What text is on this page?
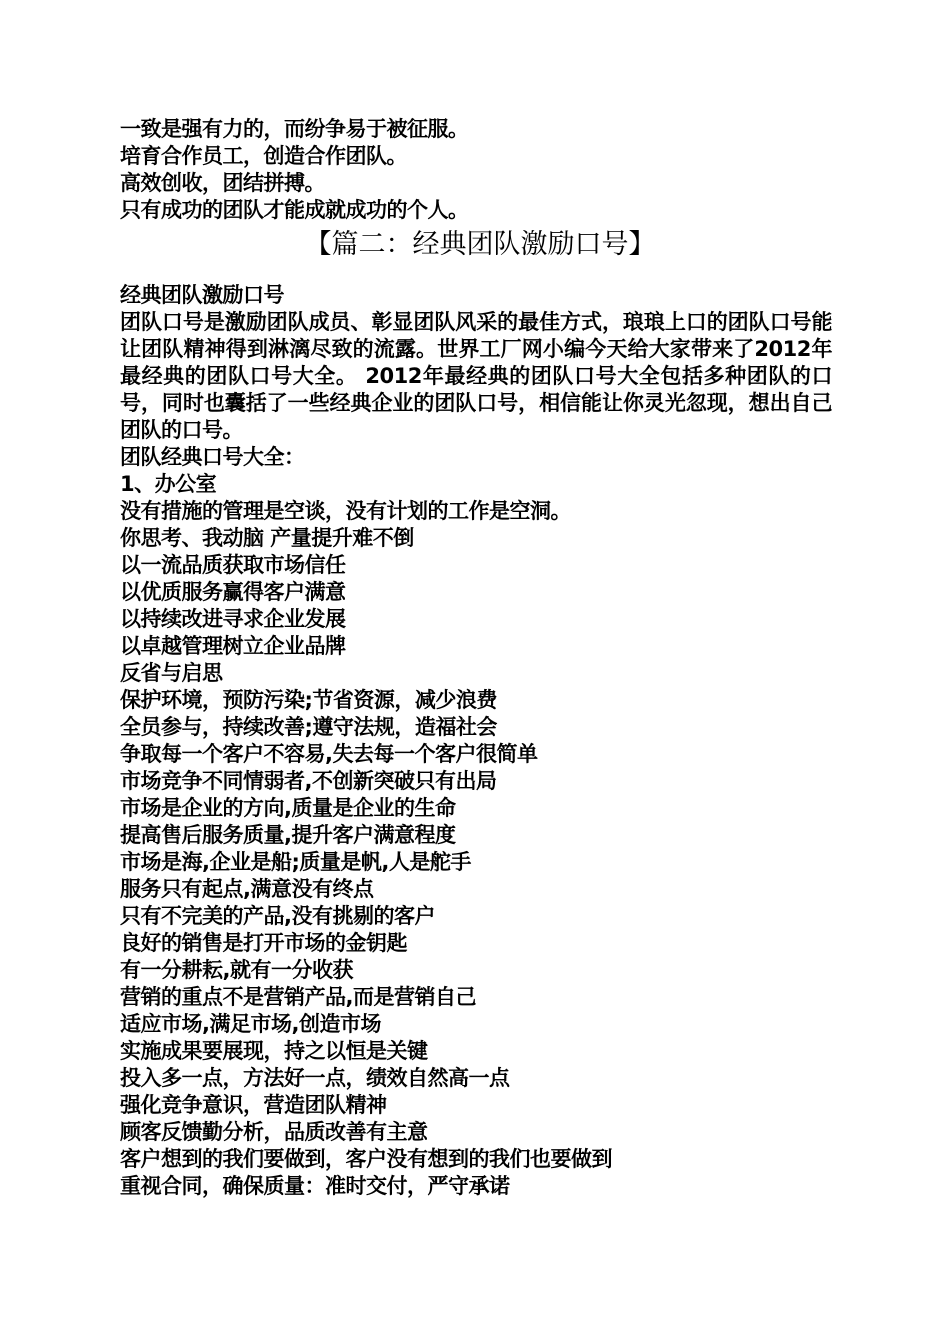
一致是强有力的，而纷争易于被征服。
培育合作员工，创造合作团队。
高效创收，团结拼搏。
只有成功的团队才能成就成功的个人。
【篇二：经典团队激励口号】
经典团队激励口号
团队口号是激励团队成员、彰显团队风采的最佳方式，琅琅上口的团队口号能让团队精神得到淋漓尽致的流露。世界工厂网小编今天给大家带来了2012年最经典的团队口号大全。 2012年最经典的团队口号大全包括多种团队的口号，同时也囊括了一些经典企业的团队口号，相信能让你灵光忽现，想出自己团队的口号。
团队经典口号大全：
1、办公室
没有措施的管理是空谈，没有计划的工作是空洞。
你思考、我动脑 产量提升难不倒
以一流品质获取市场信任
以优质服务赢得客户满意
以持续改进寻求企业发展
以卓越管理树立企业品牌
反省与启思
保护环境，预防污染;节省资源，减少浪费
全员参与，持续改善;遵守法规，造福社会
争取每一个客户不容易,失去每一个客户很简单
市场竞争不同情弱者,不创新突破只有出局
市场是企业的方向,质量是企业的生命
提高售后服务质量,提升客户满意程度
市场是海,企业是船;质量是帆,人是舵手
服务只有起点,满意没有终点
只有不完美的产品,没有挑剔的客户
良好的销售是打开市场的金钥匙
有一分耕耘,就有一分收获
营销的重点不是营销产品,而是营销自己
适应市场,满足市场,创造市场
实施成果要展现，持之以恒是关键
投入多一点，方法好一点，绩效自然高一点
强化竞争意识，营造团队精神
顾客反馈勤分析，品质改善有主意
客户想到的我们要做到，客户没有想到的我们也要做到
重视合同，确保质量：准时交付，严守承诺
